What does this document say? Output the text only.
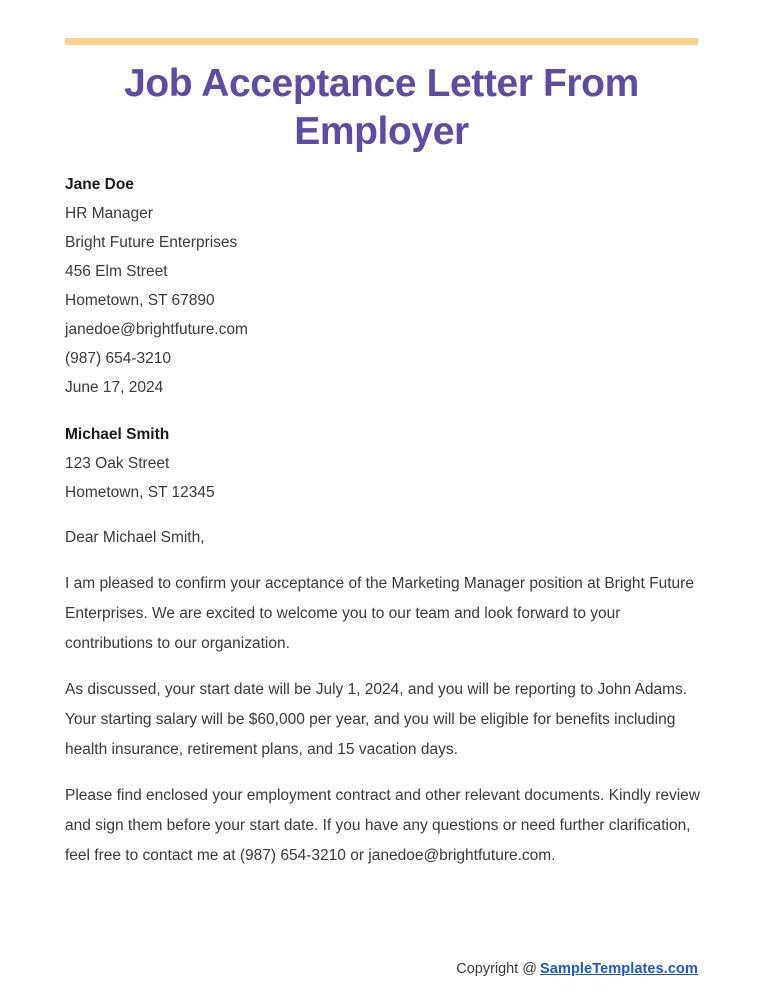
Job Acceptance Letter From Employer
Jane Doe
HR Manager
Bright Future Enterprises
456 Elm Street
Hometown, ST 67890
janedoe@brightfuture.com
(987) 654-3210
June 17, 2024
Michael Smith
123 Oak Street
Hometown, ST 12345
Dear Michael Smith,

I am pleased to confirm your acceptance of the Marketing Manager position at Bright Future Enterprises. We are excited to welcome you to our team and look forward to your contributions to our organization.

As discussed, your start date will be July 1, 2024, and you will be reporting to John Adams. Your starting salary will be $60,000 per year, and you will be eligible for benefits including health insurance, retirement plans, and 15 vacation days.

Please find enclosed your employment contract and other relevant documents. Kindly review and sign them before your start date. If you have any questions or need further clarification, feel free to contact me at (987) 654-3210 or janedoe@brightfuture.com.

Copyright @ SampleTemplates.com
